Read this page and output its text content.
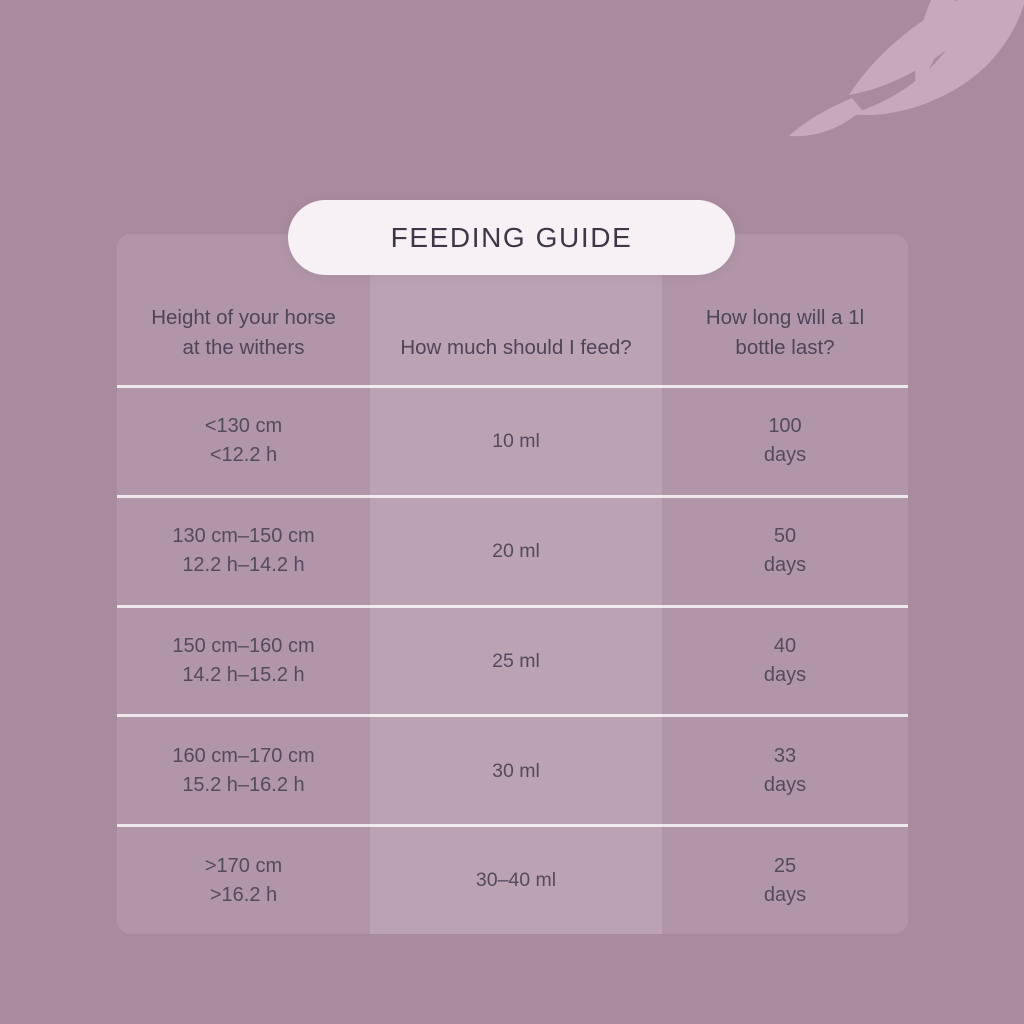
Height of your horse
at the withers	How much should I feed?
How long will a 1l
bottle last?
<130 cm
<12.2 h
10 ml
100
days
130 cm–150 cm
12.2 h–14.2 h
20 ml
50
days
150 cm–160 cm
14.2 h–15.2 h
25 ml
40
days
160 cm–170 cm
15.2 h–16.2 h
30 ml
33
days
>170 cm
>16.2 h
30–40 ml
25
days
FEEDING GUIDE
